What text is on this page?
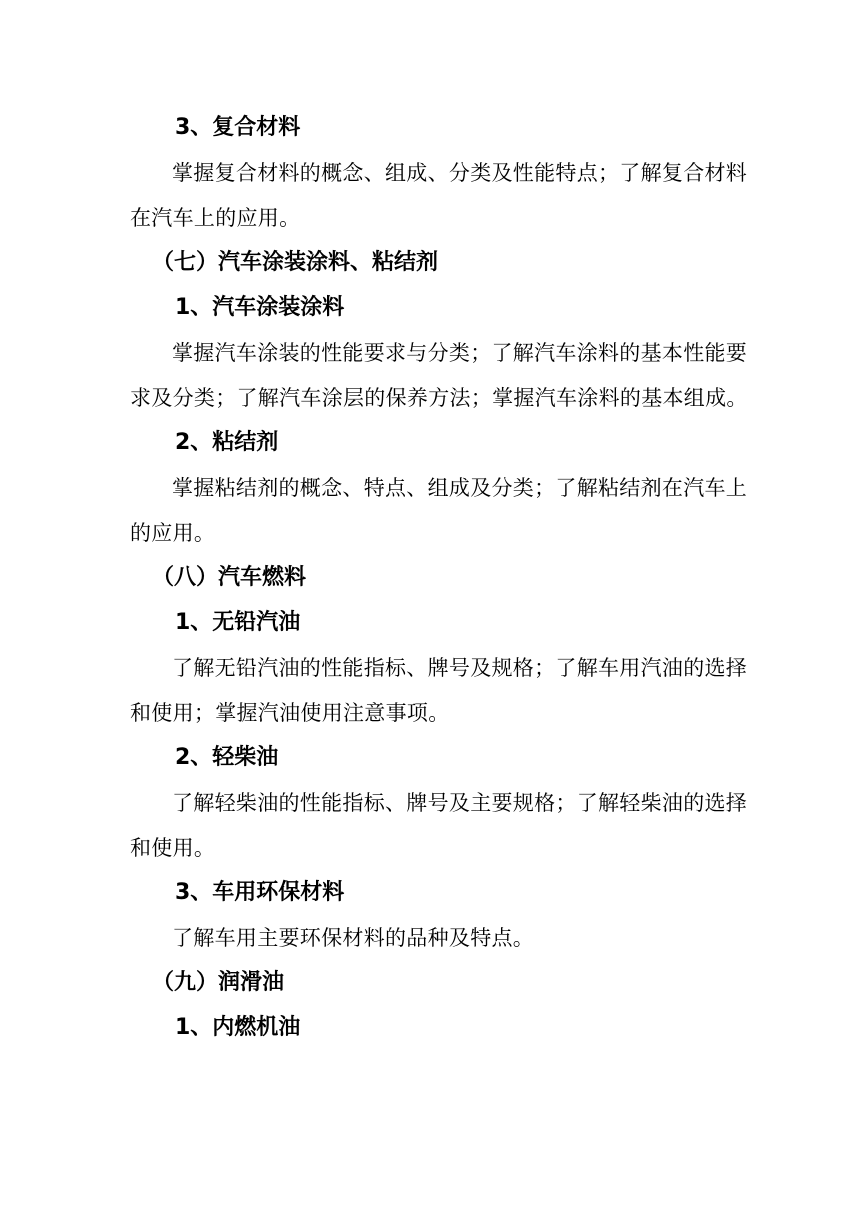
3、复合材料
掌握复合材料的概念、组成、分类及性能特点；了解复合材料
在汽车上的应用。
（七）汽车涂装涂料、粘结剂
1、汽车涂装涂料
掌握汽车涂装的性能要求与分类；了解汽车涂料的基本性能要
求及分类；了解汽车涂层的保养方法；掌握汽车涂料的基本组成。
2、粘结剂
掌握粘结剂的概念、特点、组成及分类；了解粘结剂在汽车上
的应用。
（八）汽车燃料
1、无铅汽油
了解无铅汽油的性能指标、牌号及规格；了解车用汽油的选择
和使用；掌握汽油使用注意事项。
2、轻柴油
了解轻柴油的性能指标、牌号及主要规格；了解轻柴油的选择
和使用。
3、车用环保材料
了解车用主要环保材料的品种及特点。
（九）润滑油
1、内燃机油
